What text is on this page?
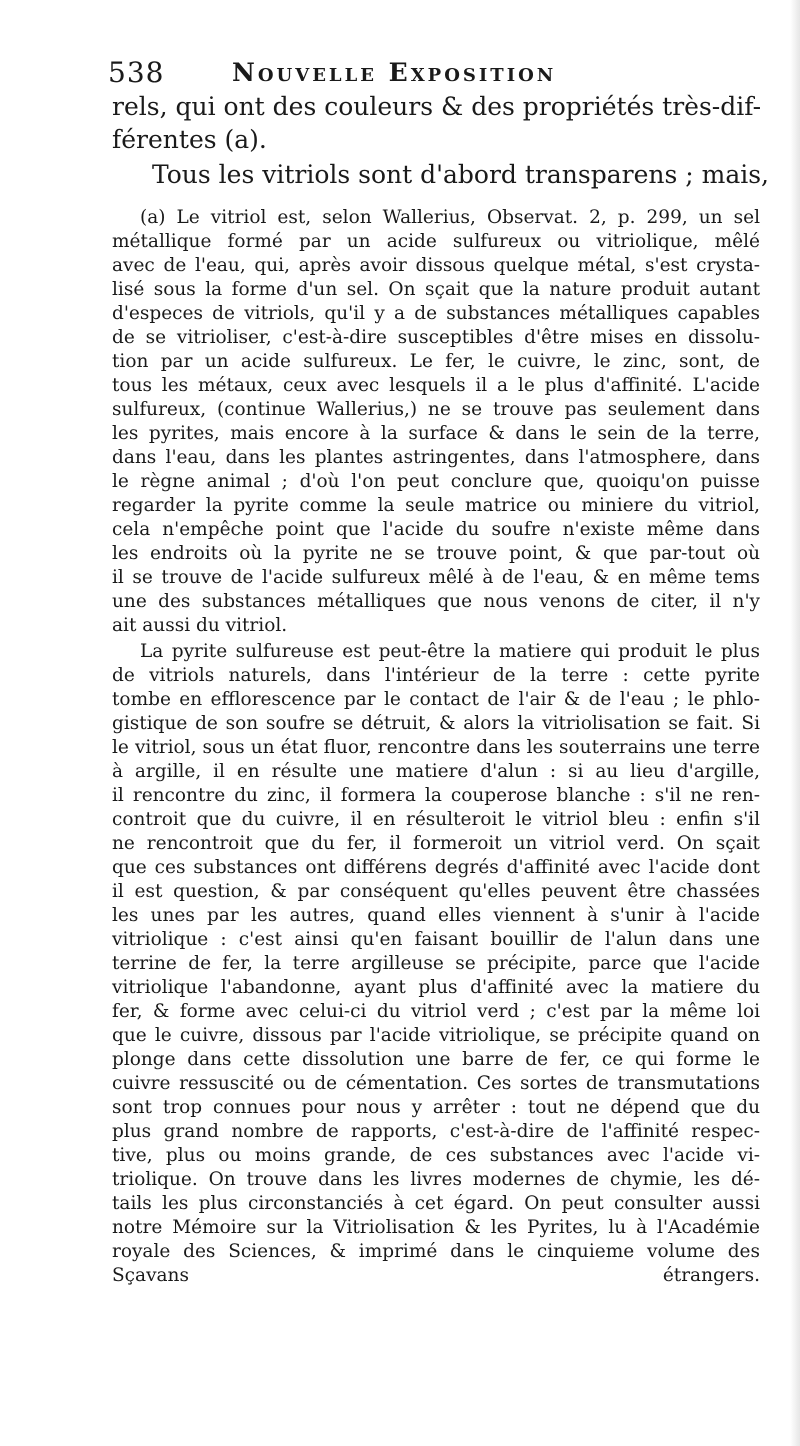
538	Nouvelle Exposition
rels, qui ont des couleurs & des propriétés très-dif-
férentes (a).
Tous les vitriols sont d'abord transparens ; mais,
(a) Le vitriol est, selon Wallerius, Observat. 2, p. 299, un sel
métallique formé par un acide sulfureux ou vitriolique, mêlé
avec de l'eau, qui, après avoir dissous quelque métal, s'est crysta-
lisé sous la forme d'un sel. On sçait que la nature produit autant
d'especes de vitriols, qu'il y a de substances métalliques capables
de se vitrioliser, c'est-à-dire susceptibles d'être mises en dissolu-
tion par un acide sulfureux. Le fer, le cuivre, le zinc, sont, de
tous les métaux, ceux avec lesquels il a le plus d'affinité. L'acide
sulfureux, (continue Wallerius,) ne se trouve pas seulement dans
les pyrites, mais encore à la surface & dans le sein de la terre,
dans l'eau, dans les plantes astringentes, dans l'atmosphere, dans
le règne animal ; d'où l'on peut conclure que, quoiqu'on puisse
regarder la pyrite comme la seule matrice ou miniere du vitriol,
cela n'empêche point que l'acide du soufre n'existe même dans
les endroits où la pyrite ne se trouve point, & que par-tout où
il se trouve de l'acide sulfureux mêlé à de l'eau, & en même tems
une des substances métalliques que nous venons de citer, il n'y
ait aussi du vitriol.
La pyrite sulfureuse est peut-être la matiere qui produit le plus
de vitriols naturels, dans l'intérieur de la terre : cette pyrite
tombe en efflorescence par le contact de l'air & de l'eau ; le phlo-
gistique de son soufre se détruit, & alors la vitriolisation se fait. Si
le vitriol, sous un état fluor, rencontre dans les souterrains une terre
à argille, il en résulte une matiere d'alun : si au lieu d'argille,
il rencontre du zinc, il formera la couperose blanche : s'il ne ren-
controit que du cuivre, il en résulteroit le vitriol bleu : enfin s'il
ne rencontroit que du fer, il formeroit un vitriol verd. On sçait
que ces substances ont différens degrés d'affinité avec l'acide dont
il est question, & par conséquent qu'elles peuvent être chassées
les unes par les autres, quand elles viennent à s'unir à l'acide
vitriolique : c'est ainsi qu'en faisant bouillir de l'alun dans une
terrine de fer, la terre argilleuse se précipite, parce que l'acide
vitriolique l'abandonne, ayant plus d'affinité avec la matiere du
fer, & forme avec celui-ci du vitriol verd ; c'est par la même loi
que le cuivre, dissous par l'acide vitriolique, se précipite quand on
plonge dans cette dissolution une barre de fer, ce qui forme le
cuivre ressuscité ou de cémentation. Ces sortes de transmutations
sont trop connues pour nous y arrêter : tout ne dépend que du
plus grand nombre de rapports, c'est-à-dire de l'affinité respec-
tive, plus ou moins grande, de ces substances avec l'acide vi-
triolique. On trouve dans les livres modernes de chymie, les dé-
tails les plus circonstanciés à cet égard. On peut consulter aussi
notre Mémoire sur la Vitriolisation & les Pyrites, lu à l'Académie
royale des Sciences, & imprimé dans le cinquieme volume des
Sçavans étrangers.
